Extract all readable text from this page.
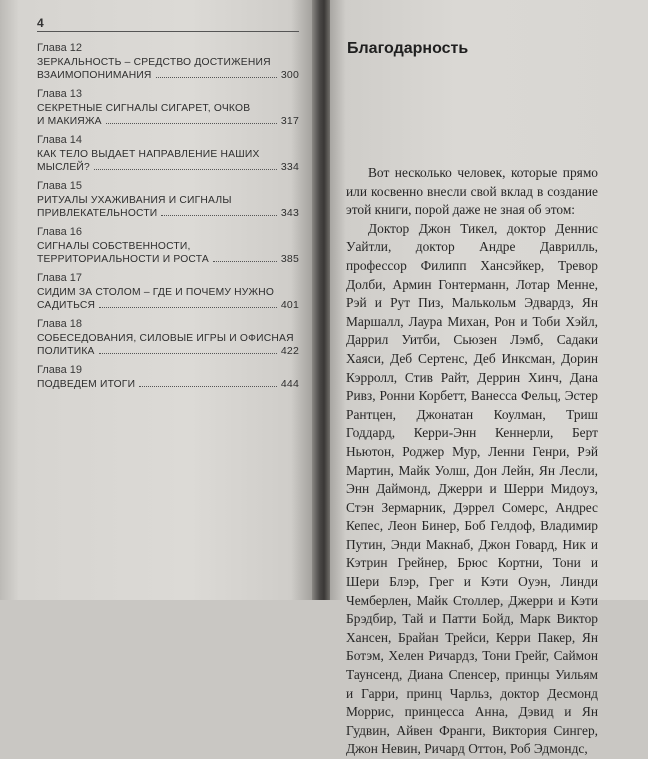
4
Глава 12
ЗЕРКАЛЬНОСТЬ – СРЕДСТВО ДОСТИЖЕНИЯ
ВЗАИМОПОНИМАНИЯ	300
Глава 13
СЕКРЕТНЫЕ СИГНАЛЫ СИГАРЕТ, ОЧКОВ
И МАКИЯЖА	317
Глава 14
КАК ТЕЛО ВЫДАЕТ НАПРАВЛЕНИЕ НАШИХ
МЫСЛЕЙ?	334
Глава 15
РИТУАЛЫ УХАЖИВАНИЯ И СИГНАЛЫ
ПРИВЛЕКАТЕЛЬНОСТИ	343
Глава 16
СИГНАЛЫ СОБСТВЕННОСТИ,
ТЕРРИТОРИАЛЬНОСТИ И РОСТА	385
Глава 17
СИДИМ ЗА СТОЛОМ – ГДЕ И ПОЧЕМУ НУЖНО
САДИТЬСЯ	401
Глава 18
СОБЕСЕДОВАНИЯ, СИЛОВЫЕ ИГРЫ И ОФИСНАЯ
ПОЛИТИКА	422
Глава 19
ПОДВЕДЕМ ИТОГИ	444
Благодарность

Вот несколько человек, которые прямо или косвенно внесли свой вклад в создание этой книги, порой даже не зная об этом:

Доктор Джон Тикел, доктор Деннис Уайтли, доктор Андре Даврилль, профессор Филипп Хансэйкер, Тревор Долби, Армин Гонтерманн, Лотар Менне, Рэй и Рут Пиз, Малькольм Эдвардз, Ян Маршалл, Лаура Михан, Рон и Тоби Хэйл, Даррил Уитби, Сьюзен Лэмб, Садаки Хаяси, Деб Сертенс, Деб Инксман, Дорин Кэрролл, Стив Райт, Деррин Хинч, Дана Ривз, Ронни Корбетт, Ванесса Фельц, Эстер Рантцен, Джонатан Коулман, Триш Годдард, Керри-Энн Кеннерли, Берт Ньютон, Роджер Мур, Ленни Генри, Рэй Мартин, Майк Уолш, Дон Лейн, Ян Лесли, Энн Даймонд, Джерри и Шерри Мидоуз, Стэн Зермарник, Дэррел Сомерс, Андрес Кепес, Леон Бинер, Боб Гелдоф, Владимир Путин, Энди Макнаб, Джон Говард, Ник и Кэтрин Грейнер, Брюс Кортни, Тони и Шери Блэр, Грег и Кэти Оуэн, Линди Чемберлен, Майк Столлер, Джерри и Кэти Брэдбир, Тай и Патти Бойд, Марк Виктор Хансен, Брайан Трейси, Керри Пакер, Ян Ботэм, Хелен Ричардз, Тони Грейг, Саймон Таунсенд, Диана Спенсер, принцы Уильям и Гарри, принц Чарльз, доктор Десмонд Моррис, принцесса Анна, Дэвид и Ян Гудвин, Айвен Франги, Виктория Сингер, Джон Невин, Ричард Оттон, Роб Эдмондс,
